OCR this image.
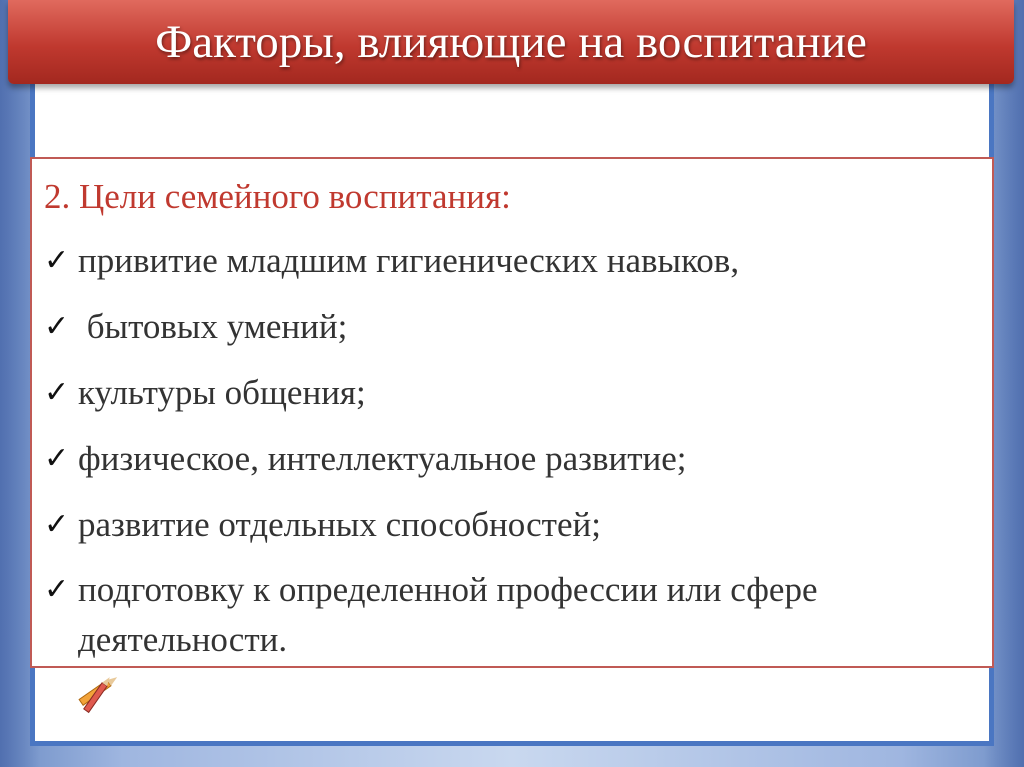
Факторы, влияющие на воспитание
2. Цели семейного воспитания:
✓ привитие младшим гигиенических навыков,
✓ бытовых умений;
✓ культуры общения;
✓ физическое, интеллектуальное развитие;
✓ развитие отдельных способностей;
✓ подготовку к определенной профессии или сфере деятельности.
